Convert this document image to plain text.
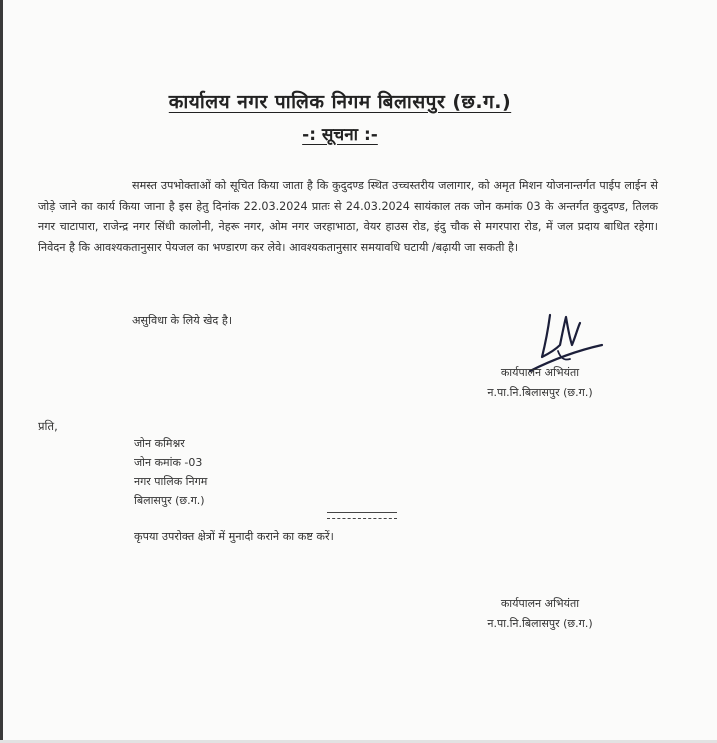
कार्यालय नगर पालिक निगम बिलासपुर (छ.ग.)
-: सूचना :-

समस्त उपभोक्ताओं को सूचित किया जाता है कि कुदुदण्ड स्थित उच्चस्तरीय जलागार, को अमृत मिशन योजनान्तर्गत पाईप लाईन से जोड़े जाने का कार्य किया जाना है इस हेतु दिनांक 22.03.2024 प्रातः से 24.03.2024 सायंकाल तक जोन कमांक 03 के अन्तर्गत कुदुदण्ड, तिलक नगर चाटापारा, राजेन्द्र नगर सिंधी कालोनी, नेहरू नगर, ओम नगर जरहाभाठा, वेयर हाउस रोड, इंदु चौक से मगरपारा रोड, में जल प्रदाय बाधित रहेगा। निवेदन है कि आवश्यकतानुसार पेयजल का भण्डारण कर लेवे। आवश्यकतानुसार समयावधि घटायी /बढ़ायी जा सकती है।

असुविधा के लिये खेद है।
कार्यपालन अभियंता
न.पा.नि.बिलासपुर (छ.ग.)
प्रति,
जोन कमिश्नर
जोन कमांक -03
नगर पालिक निगम
बिलासपुर (छ.ग.)
कृपया उपरोक्त क्षेत्रों में मुनादी कराने का कष्ट करें।
कार्यपालन अभियंता
न.पा.नि.बिलासपुर (छ.ग.)
